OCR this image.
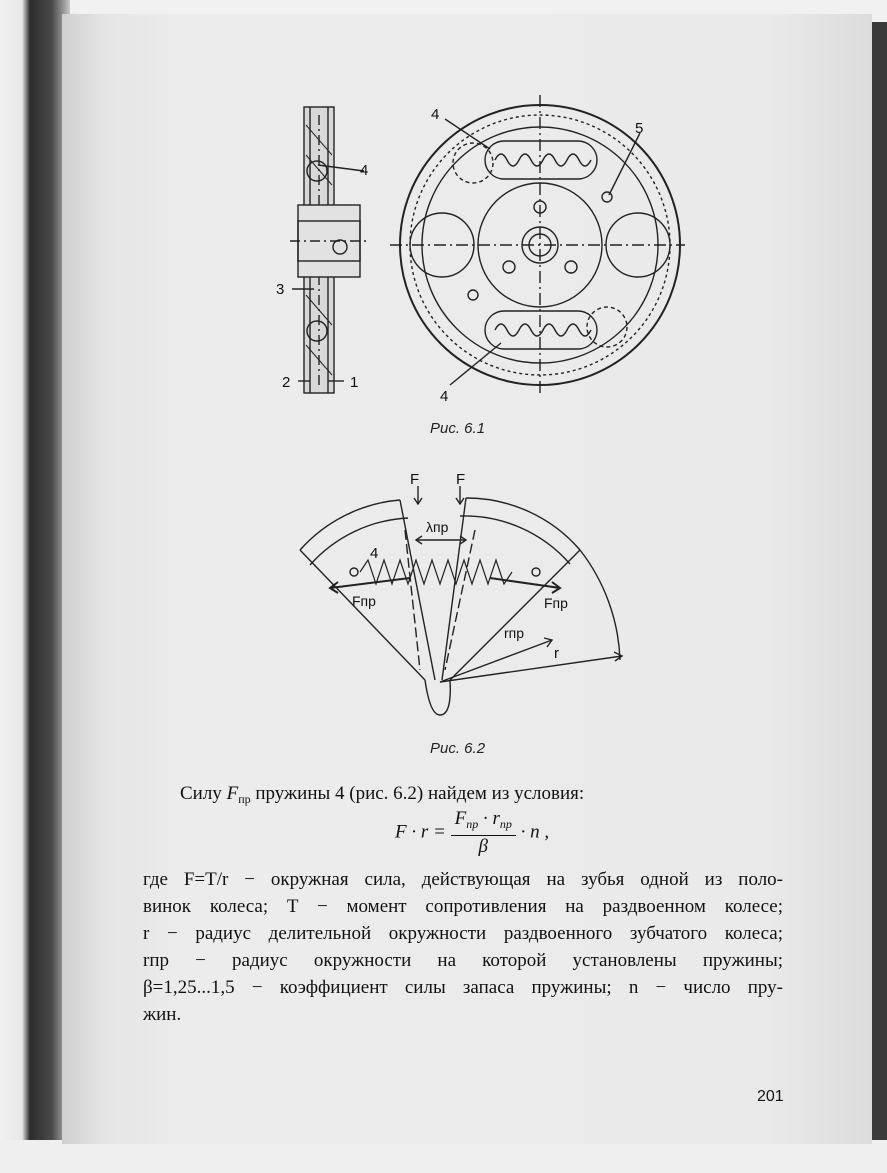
4
3
2	1
4
5
4
Рис. 6.1
F F
λпр
4
Fпр	Fпр
rпр
r
Рис. 6.2
Силу $F_{пр}$ пружины 4 (рис. 6.2) найдем из условия:
$F \cdot r = \frac{F_{пр} \cdot r_{пр}}{\beta} \cdot n$ ,
где F=T/r − окружная сила, действующая на зубья одной из поло-
винок колеса; T − момент сопротивления на раздвоенном колесе;
r − радиус делительной окружности раздвоенного зубчатого колеса;
rпр − радиус окружности на которой установлены пружины;
β=1,25...1,5 − коэффициент силы запаса пружины; n − число пру-
жин.
201
